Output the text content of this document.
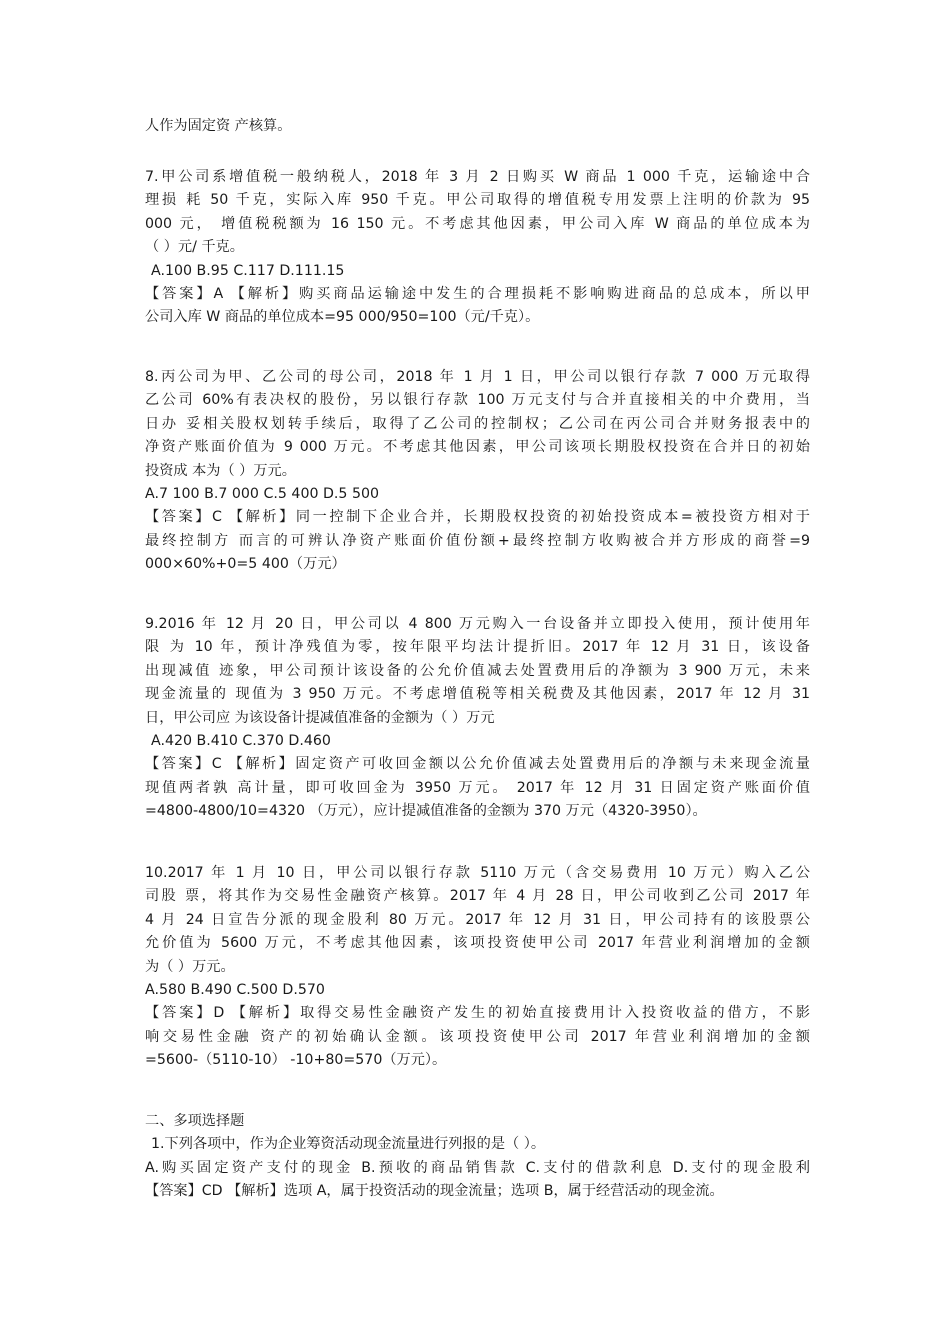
人作为固定资 产核算。
7.甲公司系增值税一般纳税人，2018 年 3 月 2 日购买 W 商品 1 000 千克，运输途中合
理损 耗 50 千克，实际入库 950 千克。甲公司取得的增值税专用发票上注明的价款为 95
000 元， 增值税税额为 16 150 元。不考虑其他因素，甲公司入库 W 商品的单位成本为
（ ）元/ 千克。
A.100 B.95 C.117 D.111.15
【答案】A 【解析】购买商品运输途中发生的合理损耗不影响购进商品的总成本，所以甲
公司入库 W 商品的单位成本=95 000/950=100（元/千克）。
8.丙公司为甲、乙公司的母公司，2018 年 1 月 1 日，甲公司以银行存款 7 000 万元取得
乙公司 60%有表决权的股份，另以银行存款 100 万元支付与合并直接相关的中介费用，当
日办 妥相关股权划转手续后，取得了乙公司的控制权；乙公司在丙公司合并财务报表中的
净资产账面价值为 9 000 万元。不考虑其他因素，甲公司该项长期股权投资在合并日的初始
投资成 本为（ ）万元。
A.7 100 B.7 000 C.5 400 D.5 500
【答案】C 【解析】同一控制下企业合并，长期股权投资的初始投资成本=被投资方相对于
最终控制方 而言的可辨认净资产账面价值份额+最终控制方收购被合并方形成的商誉=9
000×60%+0=5 400（万元）
9.2016 年 12 月 20 日，甲公司以 4 800 万元购入一台设备并立即投入使用，预计使用年
限 为 10 年，预计净残值为零，按年限平均法计提折旧。2017 年 12 月 31 日，该设备
出现减值 迹象，甲公司预计该设备的公允价值减去处置费用后的净额为 3 900 万元，未来
现金流量的 现值为 3 950 万元。不考虑增值税等相关税费及其他因素，2017 年 12 月 31
日，甲公司应 为该设备计提减值准备的金额为（ ）万元
A.420 B.410 C.370 D.460
【答案】C 【解析】固定资产可收回金额以公允价值减去处置费用后的净额与未来现金流量
现值两者孰 高计量，即可收回金为 3950 万元。 2017 年 12 月 31 日固定资产账面价值
=4800-4800/10=4320 （万元），应计提减值准备的金额为 370 万元（4320-3950）。
10.2017 年 1 月 10 日，甲公司以银行存款 5110 万元（含交易费用 10 万元）购入乙公
司股 票，将其作为交易性金融资产核算。2017 年 4 月 28 日，甲公司收到乙公司 2017 年
4 月 24 日宣告分派的现金股利 80 万元。2017 年 12 月 31 日，甲公司持有的该股票公
允价值为 5600 万元，不考虑其他因素，该项投资使甲公司 2017 年营业利润增加的金额
为（ ）万元。
A.580 B.490 C.500 D.570
【答案】D 【解析】取得交易性金融资产发生的初始直接费用计入投资收益的借方，不影
响交易性金融 资产的初始确认金额。该项投资使甲公司 2017 年营业利润增加的金额
=5600-（5110-10） -10+80=570（万元）。
二、多项选择题
1.下列各项中，作为企业筹资活动现金流量进行列报的是（ ）。
A.购买固定资产支付的现金 B.预收的商品销售款 C.支付的借款利息 D.支付的现金股利
【答案】CD 【解析】选项 A，属于投资活动的现金流量；选项 B，属于经营活动的现金流。
